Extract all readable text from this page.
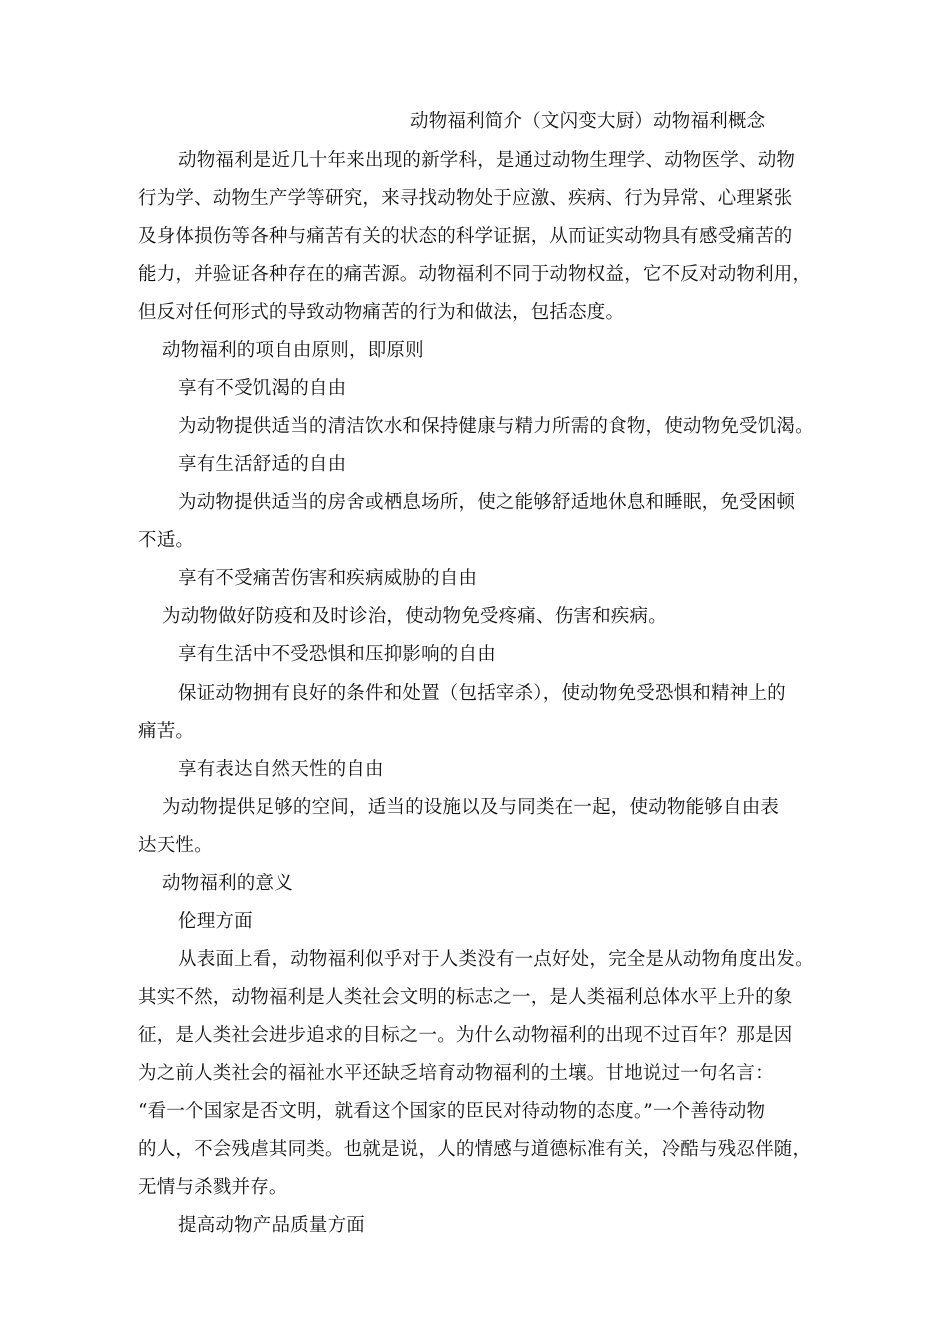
动物福利简介（文闪变大厨）动物福利概念
动物福利是近几十年来出现的新学科，是通过动物生理学、动物医学、动物
行为学、动物生产学等研究，来寻找动物处于应激、疾病、行为异常、心理紧张
及身体损伤等各种与痛苦有关的状态的科学证据，从而证实动物具有感受痛苦的
能力，并验证各种存在的痛苦源。动物福利不同于动物权益，它不反对动物利用，
但反对任何形式的导致动物痛苦的行为和做法，包括态度。
动物福利的项自由原则，即原则
享有不受饥渴的自由
为动物提供适当的清洁饮水和保持健康与精力所需的食物，使动物免受饥渴。
享有生活舒适的自由
为动物提供适当的房舍或栖息场所，使之能够舒适地休息和睡眠，免受困顿
不适。
享有不受痛苦伤害和疾病威胁的自由
为动物做好防疫和及时诊治，使动物免受疼痛、伤害和疾病。
享有生活中不受恐惧和压抑影响的自由
保证动物拥有良好的条件和处置（包括宰杀），使动物免受恐惧和精神上的
痛苦。
享有表达自然天性的自由
为动物提供足够的空间，适当的设施以及与同类在一起，使动物能够自由表
达天性。
动物福利的意义
伦理方面
从表面上看，动物福利似乎对于人类没有一点好处，完全是从动物角度出发。
其实不然，动物福利是人类社会文明的标志之一，是人类福利总体水平上升的象
征，是人类社会进步追求的目标之一。为什么动物福利的出现不过百年？那是因
为之前人类社会的福祉水平还缺乏培育动物福利的土壤。甘地说过一句名言：
“看一个国家是否文明，就看这个国家的臣民对待动物的态度。”一个善待动物
的人，不会残虐其同类。也就是说，人的情感与道德标准有关，冷酷与残忍伴随，
无情与杀戮并存。
提高动物产品质量方面
